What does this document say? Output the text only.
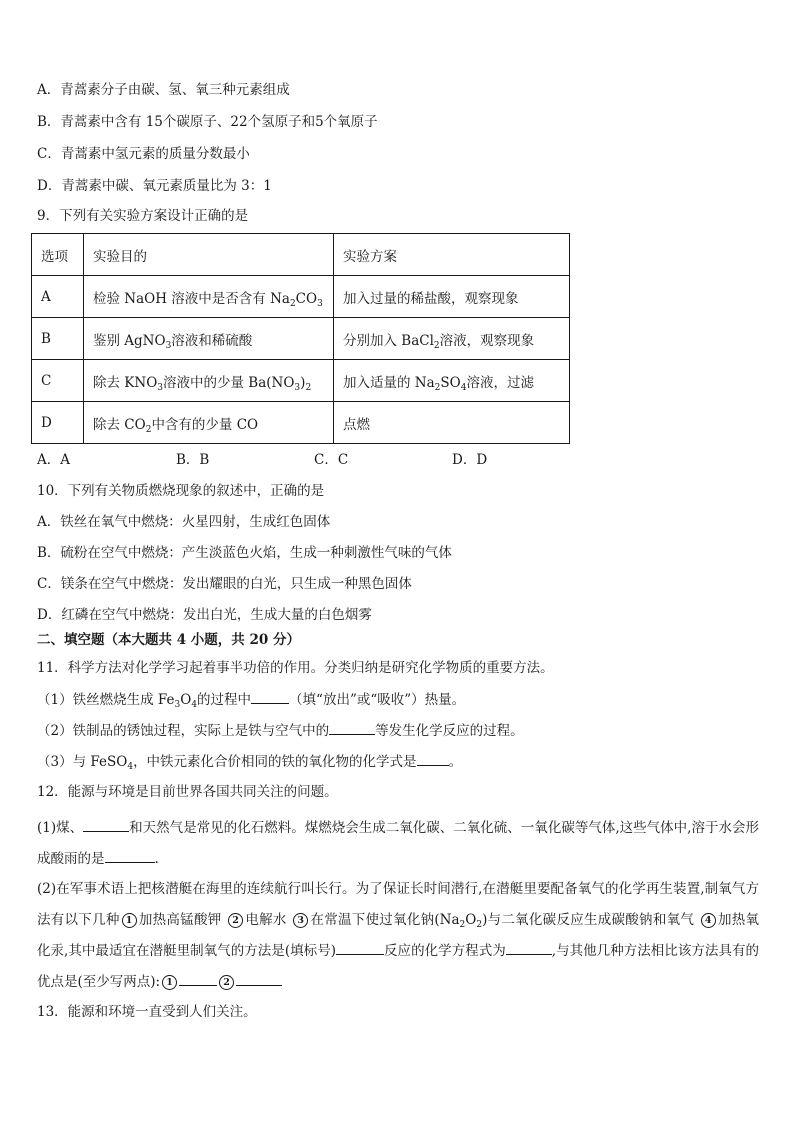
A．青蒿素分子由碳、氢、氧三种元素组成
B．青蒿素中含有 15个碳原子、22个氢原子和5个氧原子
C．青蒿素中氢元素的质量分数最小
D．青蒿素中碳、氧元素质量比为 3：1
9．下列有关实验方案设计正确的是
选项	实验目的	实验方案
A	检验 NaOH 溶液中是否含有 $Na_2CO_3$	加入过量的稀盐酸，观察现象
B	鉴别 AgNO$_3$溶液和稀硫酸	分别加入 BaCl$_2$溶液，观察现象
C	除去 $KNO_3$溶液中的少量 $Ba(NO_3)_2$	加入适量的 $Na_2SO_4$溶液，过滤
D	除去 $CO_2$中含有的少量 CO	点燃
A．A	B．B	C．C	D．D
10．下列有关物质燃烧现象的叙述中，正确的是
A．铁丝在氧气中燃烧：火星四射，生成红色固体
B．硫粉在空气中燃烧：产生淡蓝色火焰，生成一种刺激性气味的气体
C．镁条在空气中燃烧：发出耀眼的白光，只生成一种黑色固体
D．红磷在空气中燃烧：发出白光，生成大量的白色烟雾
二、填空题（本大题共 4 小题，共 20 分）
11．科学方法对化学学习起着事半功倍的作用。分类归纳是研究化学物质的重要方法。
（1）铁丝燃烧生成 $Fe_3O_4$的过程中	（填“放出”或“吸收”）热量。
（2）铁制品的锈蚀过程，实际上是铁与空气中的	等发生化学反应的过程。
（3）与 FeSO$_4$，中铁元素化合价相同的铁的氧化物的化学式是 。
12．能源与环境是目前世界各国共同关注的问题。
(1)煤、	和天然气是常见的化石燃料。煤燃烧会生成二氧化碳、二氧化硫、一氧化碳等气体,这些气体中,溶于水会形成酸雨的是	.
(2)在军事术语上把核潜艇在海里的连续航行叫长行。为了保证长时间潜行,在潜艇里要配备氧气的化学再生装置,制氧气方法有以下几种 1 加热高锰酸钾 2 电解水 3 在常温下使过氧化钠$(Na_2O_2)$与二氧化碳反应生成碳酸钠和氧气 4 加热氧化汞,其中最适宜在潜艇里制氧气的方法是(填标号)	反应的化学方程式为	,与其他几种方法相比该方法具有的优点是(至少写两点): 1	2
13．能源和环境一直受到人们关注。
